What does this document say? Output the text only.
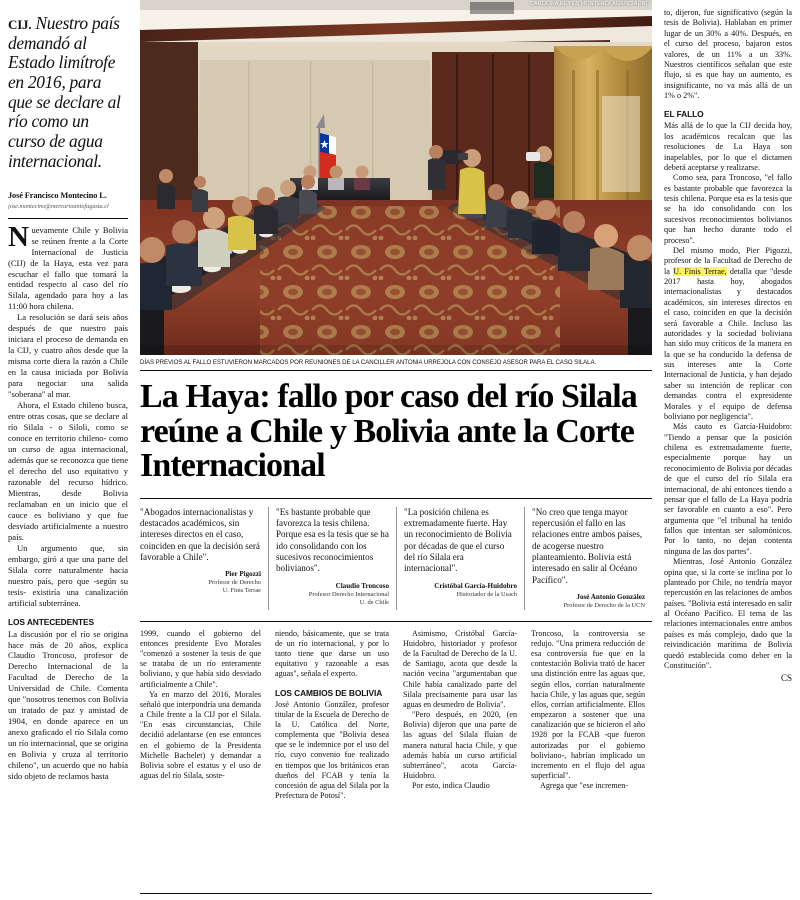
CIJ. Nuestro país demandó al Estado limítrofe en 2016, para que se declare al río como un curso de agua internacional.
José Francisco Montecino L.
jose.montecino@mercurioantofagasta.cl

Nuevamente Chile y Bolivia se reúnen frente a la Corte Internacional de Justicia (CIJ) de la Haya, esta vez para escuchar el fallo que tomará la entidad respecto al caso del río Silala, agendado para hoy a las 11:00 hora chilena.

La resolución se dará seis años después de que nuestro país iniciara el proceso de demanda en la CIJ, y cuatro años desde que la misma corte diera la razón a Chile en la causa iniciada por Bolivia para negociar una salida "soberana" al mar.

Ahora, el Estado chileno busca, entre otras cosas, que se declare al río Silala - o Siloli, como se conoce en territorio chileno- como un curso de agua internacional, además que se reconozca que tiene el derecho del uso equitativo y razonable del recurso hídrico. Mientras, desde Bolivia reclamaban en un inicio que el cauce es boliviano y que fue desviado artificialmente a nuestro país.

Un argumento que, sin embargo, giró a que una parte del Silala corre naturalmente hacia nuestro país, pero que -según su tesis- existiría una canalización artificial subterránea.

LOS ANTECEDENTES

La discusión por el río se origina hace más de 20 años, explica Claudio Troncoso, profesor de Derecho Internacional de la Facultad de Derecho de la Universidad de Chile. Comenta que "nosotros tenemos con Bolivia un tratado de paz y amistad de 1904, en donde aparece en un anexo graficado el río Silala como un río internacional, que se origina en Bolivia y cruza al territorio chileno", un acuerdo que no había sido objeto de reclamos hasta

CAROLINA REYES MONTERO/ AGENCIAUNO
DÍAS PREVIOS AL FALLO ESTUVIERON MARCADOS POR REUNIONES DE LA CANCILLER ANTONIA URREJOLA CON CONSEJO ASESOR PARA EL CASO SILALA.
La Haya: fallo por caso del río Silala reúne a Chile y Bolivia ante la Corte Internacional

"Abogados internacionalistas y destacados académicos, sin intereses directos en el caso, coinciden en que la decisión será favorable a Chile".

Pier Pigozzi
Profesor de Derecho
U. Finis Terrae

"Es bastante probable que favorezca la tesis chilena. Porque esa es la tesis que se ha ido consolidando con los sucesivos reconocimientos bolivianos".

Claudio Troncoso
Profesor Derecho Internacional
U. de Chile

"La posición chilena es extremadamente fuerte. Hay un reconocimiento de Bolivia por décadas de que el curso del río Silala era internacional".

Cristóbal García-Huidobro
Historiador de la Usach

"No creo que tenga mayor repercusión el fallo en las relaciones entre ambos países, de acogerse nuestro planteamiento. Bolivia está interesado en salir al Océano Pacífico".

José Antonio González
Profesor de Derecho de la UCN

1999, cuando el gobierno del entonces presidente Evo Morales "comenzó a sostener la tesis de que se trataba de un río enteramente boliviano, y que había sido desviado artificialmente a Chile".

Ya en marzo del 2016, Morales señaló que interpondría una demanda a Chile frente a la CIJ por el Silala. "En esas circunstancias, Chile decidió adelantarse (en ese entonces en el gobierno de la Presidenta Michelle Bachelet) y demandar a Bolivia sobre el estatus y el uso de aguas del río Silala, soste-

niendo, básicamente, que se trata de un río internacional, y por lo tanto tiene que darse un uso equitativo y razonable a esas aguas", señala el experto.

LOS CAMBIOS DE BOLIVIA

José Antonio González, profesor titular de la Escuela de Derecho de la U. Católica del Norte, complementa que "Bolivia desea que se le indemnice por el uso del río, cuyo convenio fue realizado en tiempos que los británicos eran dueños del FCAB y tenía la concesión de agua del Silala por la Prefectura de Potosí".

Asimismo, Cristóbal García-Huidobro, historiador y profesor de la Facultad de Derecho de la U. de Santiago, acota que desde la nación vecina "argumentaban que Chile había canalizado parte del Silala precisamente para usar las aguas en desmedro de Bolivia".

"Pero después, en 2020, (en Bolivia) dijeron que una parte de las aguas del Silala fluían de manera natural hacia Chile, y que además había un curso artificial subterráneo", acota García-Huidobro.

Por esto, indica Claudio

Troncoso, la controversia se redujo. "Una primera reducción de esa controversia fue que en la contestación Bolivia trató de hacer una distinción entre las aguas que, según ellos, corrían naturalmente hacia Chile, y las aguas que, según ellos, corrían artificialmente. Ellos empezaron a sostener que una canalización que se hicieron el año 1928 por la FCAB -que fueron autorizadas por el gobierno boliviano-, habrían implicado un incremento en el flujo del agua superficial".

Agrega que "ese incremen-

to, dijeron, fue significativo (según la tesis de Bolivia). Hablaban en primer lugar de un 30% a 40%. Después, en el curso del proceso, bajaron estos valores, de un 11% a un 33%. Nuestros científicos señalan que este flujo, si es que hay un aumento, es insignificante, no va más allá de un 1% o 2%".

EL FALLO

Más allá de lo que la CIJ decida hoy, los académicos recalcan que las resoluciones de La Haya son inapelables, por lo que el dictamen deberá aceptarse y realizarse.

Como sea, para Troncoso, "el fallo es bastante probable que favorezca la tesis chilena. Porque esa es la tesis que se ha ido consolidando con los sucesivos reconocimientos bolivianos que han hecho durante todo el proceso".

Del mismo modo, Pier Pigozzi, profesor de la Facultad de Derecho de la U. Finis Terrae, detalla que "desde 2017 hasta hoy, abogados internacionalistas y destacados académicos, sin intereses directos en el caso, coinciden en que la decisión será favorable a Chile. Incluso las autoridades y la sociedad boliviana han sido muy críticos de la manera en la que se ha conducido la defensa de sus intereses ante la Corte Internacional de Justicia, y han dejado saber su intención de replicar con demandas contra el expresidente Morales y el equipo de defensa boliviano por negligencia".

Más cauto es García-Huidobro: "Tiendo a pensar que la posición chilena es extremadamente fuerte, especialmente porque hay un reconocimiento de Bolivia por décadas de que el curso del río Silala era internacional, de ahí entonces tiendo a pensar que el fallo de La Haya podría ser favorable en cuanto a eso". Pero argumenta que "el tribunal ha tenido fallos que intentan ser salomónicos. Por lo tanto, no dejan contenta ninguna de las dos partes".

Mientras, José Antonio González opina que, si la corte se inclina por lo planteado por Chile, no tendría mayor repercusión en las relaciones de ambos países. "Bolivia está interesado en salir al Océano Pacífico. El tema de las relaciones internacionales entre ambos países es más complejo, dado que la reivindicación marítima de Bolivia quedó establecida como deber en la Constitución".

CS
